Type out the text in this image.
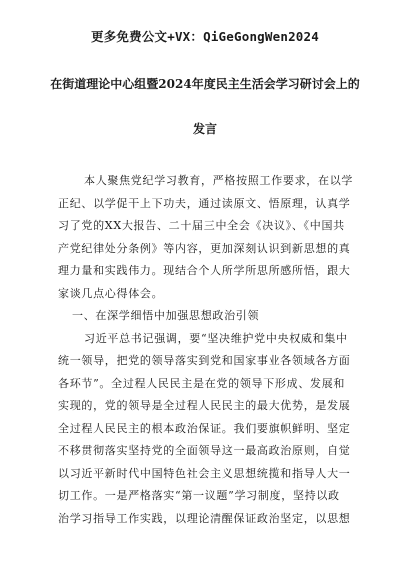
更多免费公文+VX：QiGeGongWen2024
在街道理论中心组暨2024年度民主生活会学习研讨会上的
发言
本人聚焦党纪学习教育，严格按照工作要求，在以学
正纪、以学促干上下功夫，通过读原文、悟原理，认真学
习了党的XX大报告、二十届三中全会《决议》、《中国共
产党纪律处分条例》等内容，更加深刻认识到新思想的真
理力量和实践伟力。现结合个人所学所思所感所悟，跟大
家谈几点心得体会。
一、在深学细悟中加强思想政治引领
习近平总书记强调，要“坚决维护党中央权威和集中
统一领导，把党的领导落实到党和国家事业各领域各方面
各环节”。全过程人民民主是在党的领导下形成、发展和
实现的，党的领导是全过程人民民主的最大优势，是发展
全过程人民民主的根本政治保证。我们要旗帜鲜明、坚定
不移贯彻落实坚持党的全面领导这一最高政治原则，自觉
以习近平新时代中国特色社会主义思想统揽和指导人大一
切工作。一是严格落实“第一议题”学习制度，坚持以政
治学习指导工作实践，以理论清醒保证政治坚定，以思想
